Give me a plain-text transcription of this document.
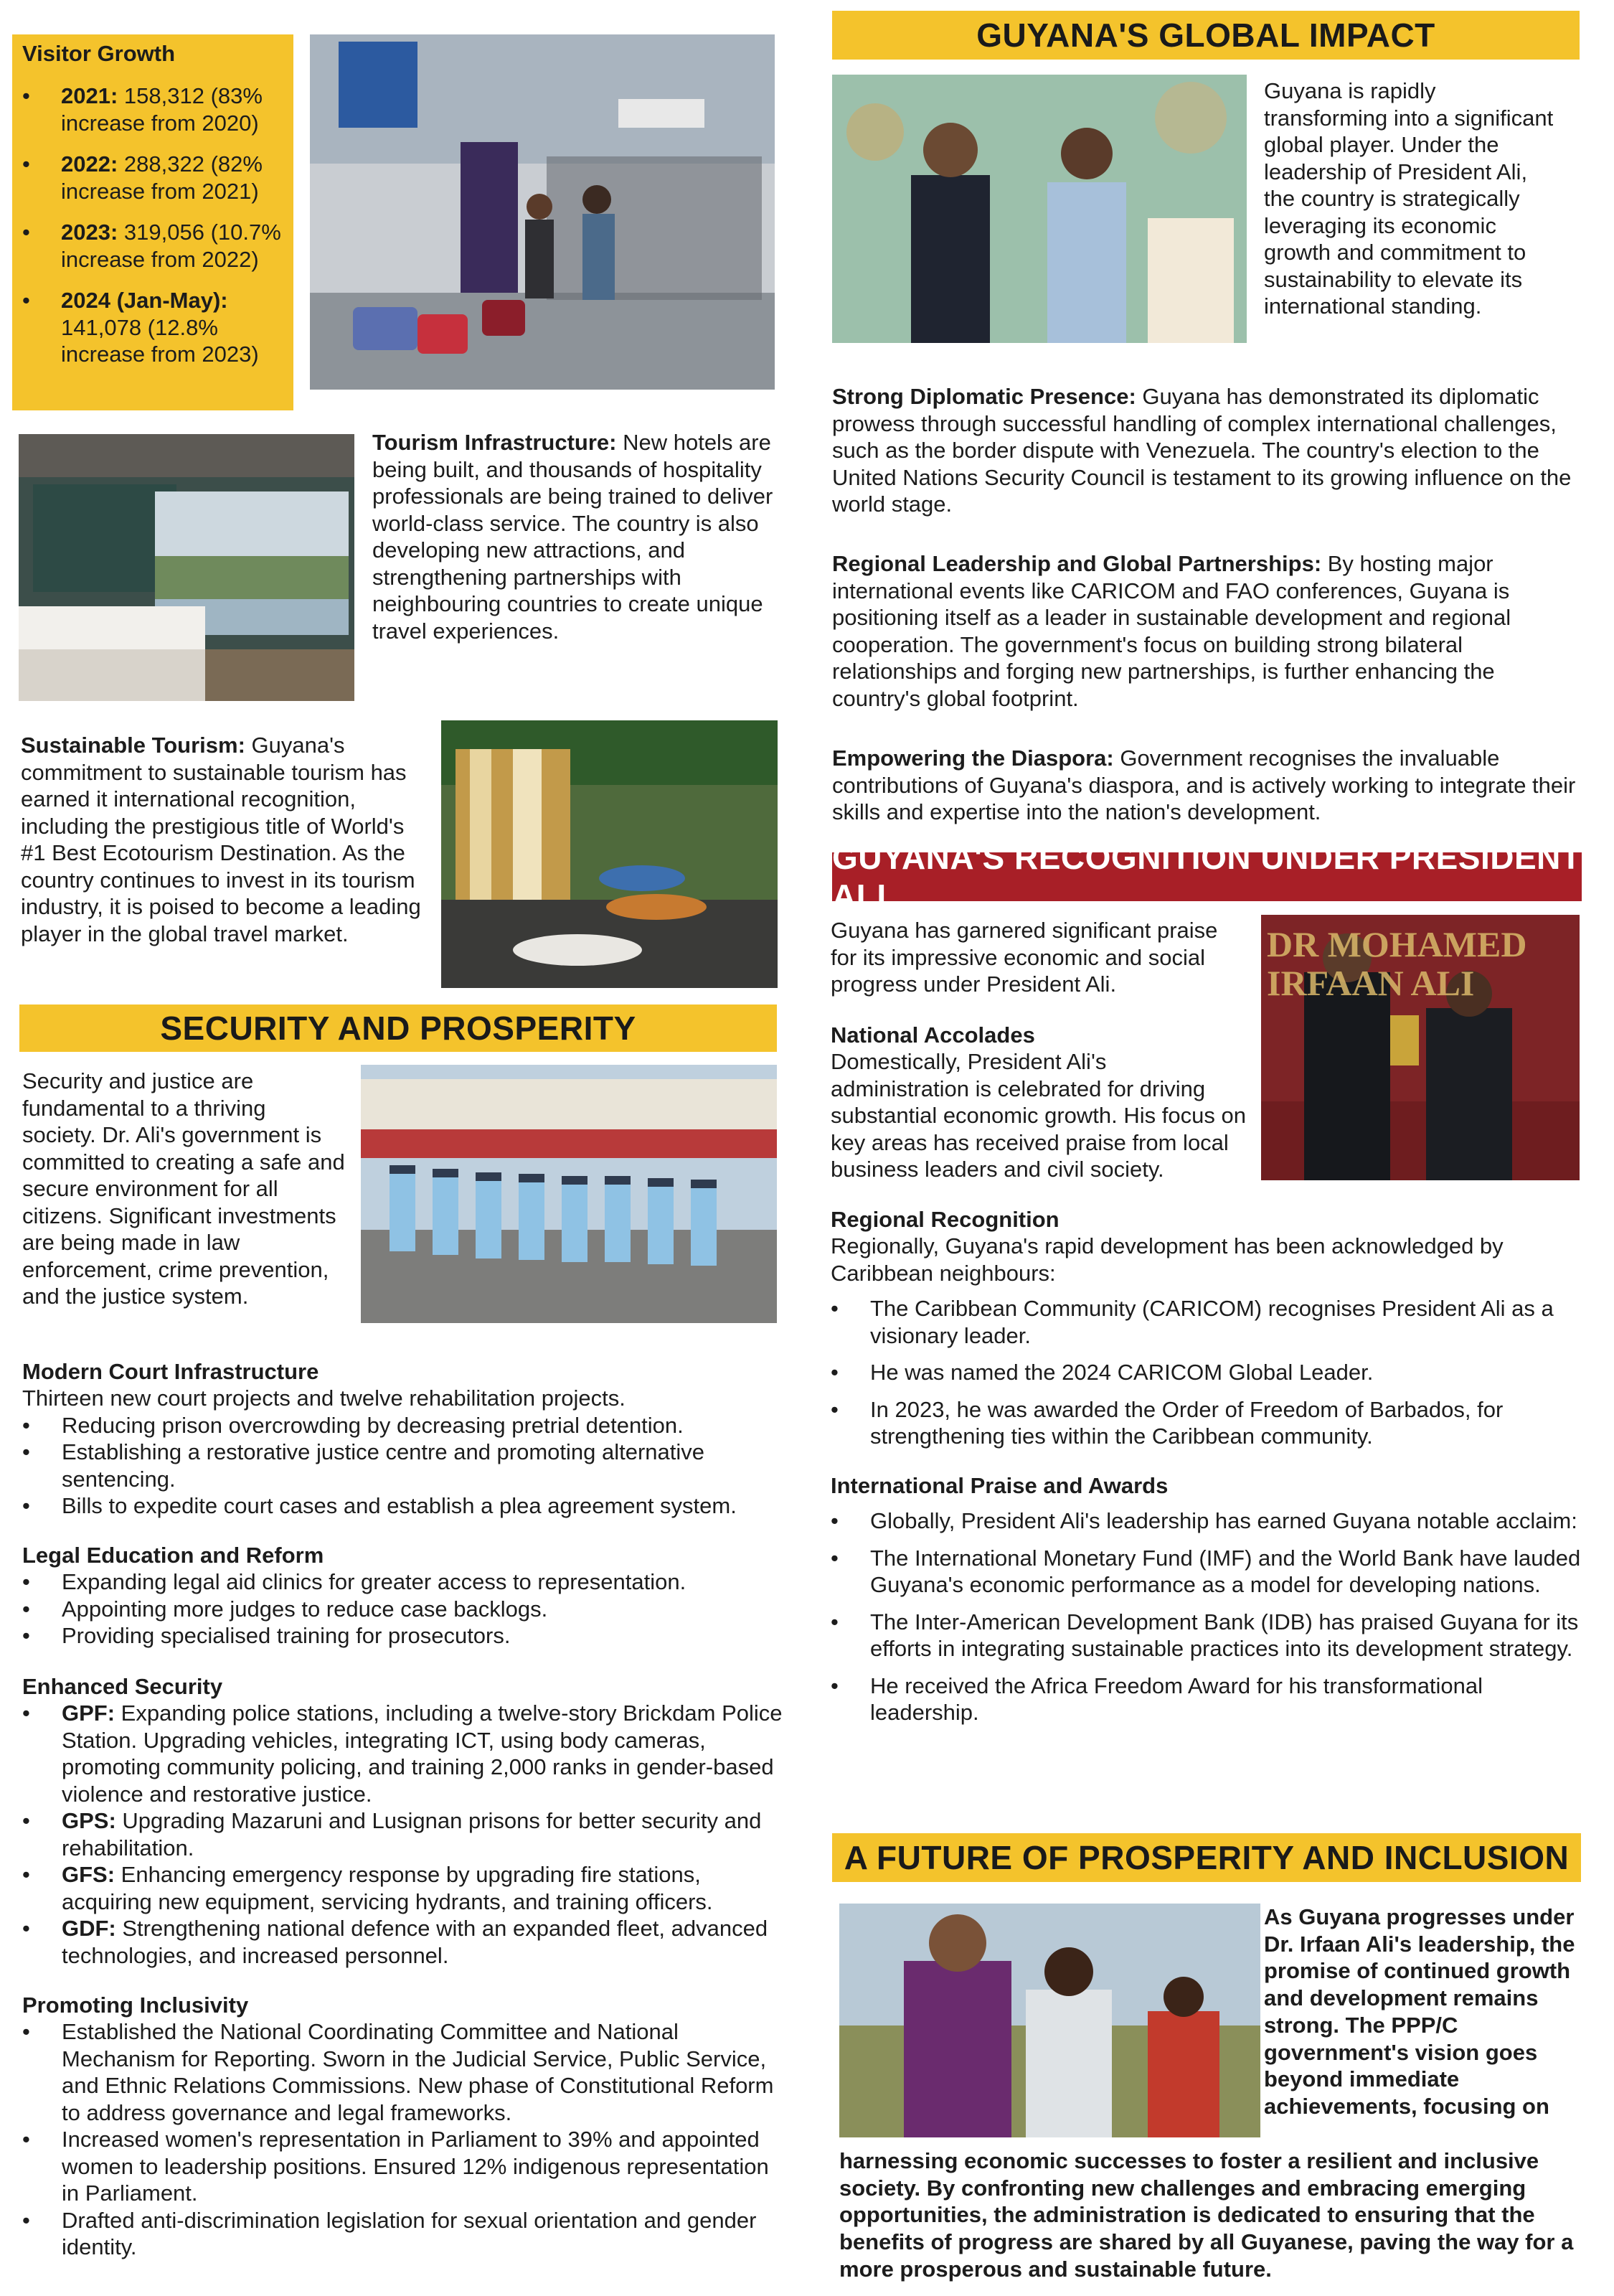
Visitor Growth
• 2021: 158,312 (83% increase from 2020)
• 2022: 288,322 (82% increase from 2021)
• 2023: 319,056 (10.7% increase from 2022)
• 2024 (Jan-May): 141,078 (12.8% increase from 2023)
Tourism Infrastructure: New hotels are being built, and thousands of hospitality professionals are being trained to deliver world-class service. The country is also developing new attractions, and strengthening partnerships with neighbouring countries to create unique travel experiences.
Sustainable Tourism: Guyana's commitment to sustainable tourism has earned it international recognition, including the prestigious title of World's #1 Best Ecotourism Destination. As the country continues to invest in its tourism industry, it is poised to become a leading player in the global travel market.
SECURITY AND PROSPERITY
Security and justice are fundamental to a thriving society. Dr. Ali's government is committed to creating a safe and secure environment for all citizens. Significant investments are being made in law enforcement, crime prevention, and the justice system.
Modern Court Infrastructure
Thirteen new court projects and twelve rehabilitation projects.
• Reducing prison overcrowding by decreasing pretrial detention.
• Establishing a restorative justice centre and promoting alternative sentencing.
• Bills to expedite court cases and establish a plea agreement system.
Legal Education and Reform
• Expanding legal aid clinics for greater access to representation.
• Appointing more judges to reduce case backlogs.
• Providing specialised training for prosecutors.
Enhanced Security
• GPF: Expanding police stations, including a twelve-story Brickdam Police Station. Upgrading vehicles, integrating ICT, using body cameras, promoting community policing, and training 2,000 ranks in gender-based violence and restorative justice.
• GPS: Upgrading Mazaruni and Lusignan prisons for better security and rehabilitation.
• GFS: Enhancing emergency response by upgrading fire stations, acquiring new equipment, servicing hydrants, and training officers.
• GDF: Strengthening national defence with an expanded fleet, advanced technologies, and increased personnel.
Promoting Inclusivity
• Established the National Coordinating Committee and National Mechanism for Reporting. Sworn in the Judicial Service, Public Service, and Ethnic Relations Commissions. New phase of Constitutional Reform to address governance and legal frameworks.
• Increased women's representation in Parliament to 39% and appointed women to leadership positions. Ensured 12% indigenous representation in Parliament.
• Drafted anti-discrimination legislation for sexual orientation and gender identity.
GUYANA'S GLOBAL IMPACT
Guyana is rapidly transforming into a significant global player. Under the leadership of President Ali, the country is strategically leveraging its economic growth and commitment to sustainability to elevate its international standing.
Strong Diplomatic Presence: Guyana has demonstrated its diplomatic prowess through successful handling of complex international challenges, such as the border dispute with Venezuela. The country's election to the United Nations Security Council is testament to its growing influence on the world stage.
Regional Leadership and Global Partnerships: By hosting major international events like CARICOM and FAO conferences, Guyana is positioning itself as a leader in sustainable development and regional cooperation. The government's focus on building strong bilateral relationships and forging new partnerships, is further enhancing the country's global footprint.
Empowering the Diaspora: Government recognises the invaluable contributions of Guyana's diaspora, and is actively working to integrate their skills and expertise into the nation's development.
GUYANA'S RECOGNITION UNDER PRESIDENT ALI
Guyana has garnered significant praise for its impressive economic and social progress under President Ali.
DR MOHAMED IRFAAN ALI
National Accolades
Domestically, President Ali's administration is celebrated for driving substantial economic growth. His focus on key areas has received praise from local business leaders and civil society.
Regional Recognition
Regionally, Guyana's rapid development has been acknowledged by Caribbean neighbours:
• The Caribbean Community (CARICOM) recognises President Ali as a visionary leader.
• He was named the 2024 CARICOM Global Leader.
• In 2023, he was awarded the Order of Freedom of Barbados, for strengthening ties within the Caribbean community.
International Praise and Awards
• Globally, President Ali's leadership has earned Guyana notable acclaim:
• The International Monetary Fund (IMF) and the World Bank have lauded Guyana's economic performance as a model for developing nations.
• The Inter-American Development Bank (IDB) has praised Guyana for its efforts in integrating sustainable practices into its development strategy.
• He received the Africa Freedom Award for his transformational leadership.
A FUTURE OF PROSPERITY AND INCLUSION
As Guyana progresses under Dr. Irfaan Ali's leadership, the promise of continued growth and development remains strong. The PPP/C government's vision goes beyond immediate achievements, focusing on
harnessing economic successes to foster a resilient and inclusive society. By confronting new challenges and embracing emerging opportunities, the administration is dedicated to ensuring that the benefits of progress are shared by all Guyanese, paving the way for a more prosperous and sustainable future.
